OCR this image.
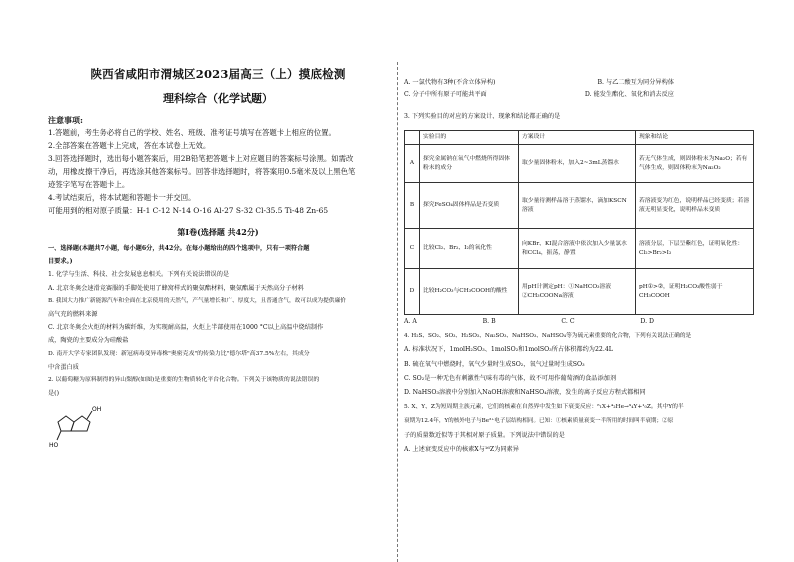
陕西省咸阳市渭城区2023届高三（上）摸底检测
理科综合（化学试题）
注意事项:
1.答题前，考生务必将自己的学校、姓名、班级、准考证号填写在答题卡上相应的位置。
2.全部答案在答题卡上完成，答在本试卷上无效。
3.回答选择题时，选出每小题答案后，用2B铅笔把答题卡上对应题目的答案标号涂黑。如需改
动，用橡皮擦干净后，再选涂其他答案标号。回答非选择题时，将答案用0.5毫米及以上黑色笔
迹签字笔写在答题卡上。
4.考试结束后，将本试题和答题卡一并交回。
可能用到的相对原子质量：H-1 C-12 N-14 O-16 Al-27 S-32 Cl-35.5 Ti-48 Zn-65
第Ⅰ卷(选择题 共42分)
一、选择题(本题共7小题，每小题6分，共42分。在每小题给出的四个选项中，只有一项符合题
目要求。)
1. 化学与生活、科技、社会发展息息相关。下列有关说法错误的是
A. 北京冬奥会速滑竞赛服的手脚处使用了蜂窝样式的聚氨酯材料，聚氨酯属于天然高分子材料
B. 我国大力推广新能源汽车和全面在北京使用的天然气，产气量增长和广、厚度大，且普通含气，故可以成为提供廉价
高气充的燃料来源
C. 北京冬奥会火炬的材料为碳纤维，为实现耐高温，火炬上半部使用在1000 °C以上高温中烧结制作
成，陶瓷的主要成分为硅酸盐
D. 南开大学专家团队发现：新冠病毒变异毒株"奥密克戎"的传染力比"德尔塔"高37.5%左右，其成分
中含蛋白质
2. 以葡萄糖为原料制得的异山梨醇(如图)是重要的生物质转化平台化合物。下列关于该物质的说法错误的
是()
OH
HO
A. 一氯代物有3种(不含立体异构)	B. 与乙二酸互为同分异构体
C. 分子中所有原子可能共平面	D. 能发生酯化、氧化和消去反应
3. 下列实验目的对应的方案设计、现象和结论都正确的是
	实验目的	方案设计	现象和结论
A	探究金属钠在氧气中燃烧所得固体粉末的成分	取少量固体粉末，加入2~3mL蒸馏水	若无气体生成，则固体粉末为Na₂O；若有气体生成，则固体粉末为Na₂O₂
B	探究FeSO₄固体样品是否变质	取少量待测样品溶于蒸馏水，滴加KSCN溶液	若溶液变为红色，说明样品已经变质；若溶液无明显变化，说明样品未变质
C	比较Cl₂、Br₂、I₂的氧化性	向KBr、KI混合溶液中依次加入少量氯水和CCl₄，振荡，静置	溶液分层，下层呈紫红色，证明氧化性：Cl₂>Br₂>I₂
D	比较H₂CO₃与CH₃COOH的酸性	用pH计测定pH：①NaHCO₃溶液 ②CH₃COONa溶液	pH①>②，证明H₂CO₃酸性弱于CH₃COOH
A. A	B. B	C. C	D. D
4. H₂S、SO₂、SO₃、H₂SO₃、Na₂SO₃、NaHSO₃、NaHSO₄等为硫元素重要的化合物，下列有关说法正确的是
A. 标准状况下，1molH₂SO₃、1molSO₂和1molSO₃所占体积都约为22.4L
B. 硫在氧气中燃烧时，氧气少量时生成SO₂，氧气过量时生成SO₃
C. SO₂是一种无色有刺激性气味有毒的气体，故不可用作葡萄酒的食品添加剂
D. NaHSO₃溶液中分别加入NaOH溶液和NaHSO₄溶液，发生的离子反应方程式都相同
5. X、Y、Z为短周期主族元素，它们的核素在自然界中发生如下衰变反应：⁶₁X+⁴₂He→⁹₄Y+¹₀Z。其中Y的半
衰期为12.4年，Y的核外电子与Be²⁺电子层结构相同。已知：①核素质量衰变一半所用的时间叫半衰期；②原
子的质量数近似等于其相对原子质量。下列说法中错误的是
A. 上述衰变反应中的核素X与¹⁶Z为同素异
